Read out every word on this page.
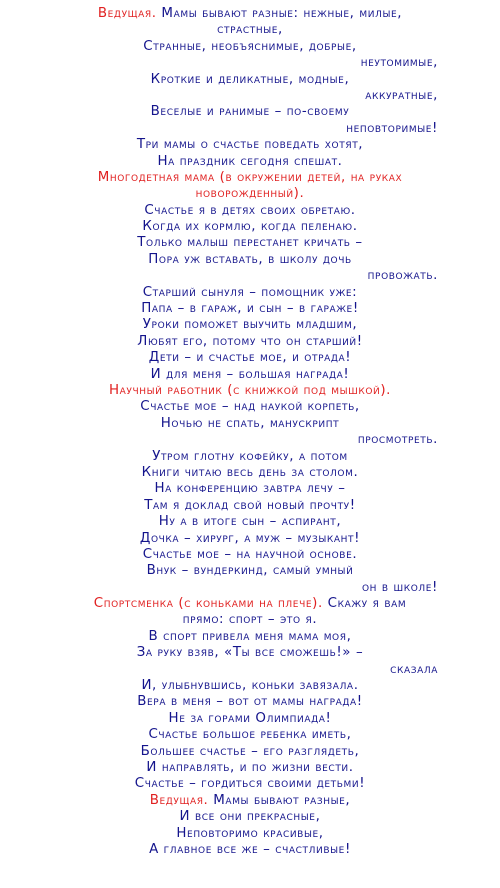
Ведущая. Мамы бывают разные: нежные, милые,
страстные,
Странные, необъяснимые, добрые,
неутомимые,
Кроткие и деликатные, модные,
аккуратные,
Веселые и ранимые – по-своему
неповторимые!
Три мамы о счастье поведать хотят,
На праздник сегодня спешат.
Многодетная мама (в окружении детей, на руках
новорожденный).
Счастье я в детях своих обретаю.
Когда их кормлю, когда пеленаю.
Только малыш перестанет кричать –
Пора уж вставать, в школу дочь
провожать.
Старший сынуля – помощник уже:
Папа – в гараж, и сын – в гараже!
Уроки поможет выучить младшим,
Любят его, потому что он старший!
Дети – и счастье мое, и отрада!
И для меня – большая награда!
Научный работник (с книжкой под мышкой).
Счастье мое – над наукой корпеть,
Ночью не спать, манускрипт
просмотреть.
Утром глотну кофейку, а потом
Книги читаю весь день за столом.
На конференцию завтра лечу –
Там я доклад свой новый прочту!
Ну а в итоге сын – аспирант,
Дочка – хирург, а муж – музыкант!
Счастье мое – на научной основе.
Внук – вундеркинд, самый умный
он в школе!
Спортсменка (с коньками на плече). Скажу я вам
прямо: спорт – это я.
В спорт привела меня мама моя,
За руку взяв, «Ты все сможешь!» –
сказала
И, улыбнувшись, коньки завязала.
Вера в меня – вот от мамы награда!
Не за горами Олимпиада!
Счастье большое ребенка иметь,
Большее счастье – его разглядеть,
И направлять, и по жизни вести.
Счастье – гордиться своими детьми!
Ведущая. Мамы бывают разные,
И все они прекрасные,
Неповторимо красивые,
А главное все же – счастливые!
